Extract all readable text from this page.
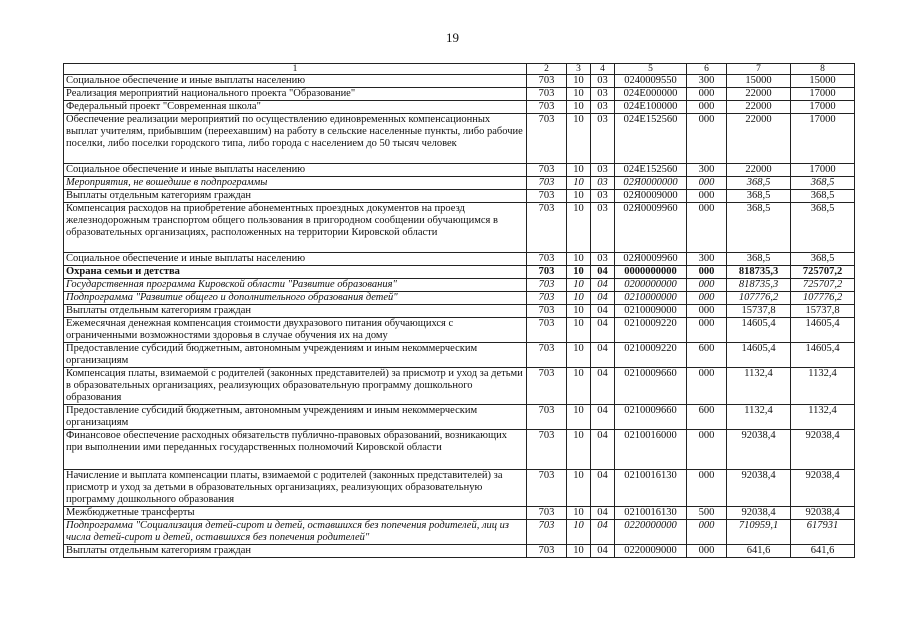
19
1	2	3	4	5	6	7	8
Социальное обеспечение и иные выплаты населению	703	10	03	0240009550	300	15000	15000
Реализация мероприятий национального проекта "Образование"	703	10	03	024E000000	000	22000	17000
Федеральный проект "Современная школа"	703	10	03	024E100000	000	22000	17000
Обеспечение реализации мероприятий по осуществлению единовременных компенсационных выплат учителям, прибывшим (переехавшим) на работу в сельские населенные пункты, либо рабочие поселки, либо поселки городского типа, либо города с населением до 50 тысяч человек	703	10	03	024E152560	000	22000	17000
Социальное обеспечение и иные выплаты населению	703	10	03	024E152560	300	22000	17000
Мероприятия, не вошедшие в подпрограммы	703	10	03	02Я0000000	000	368,5	368,5
Выплаты отдельным категориям граждан	703	10	03	02Я0009000	000	368,5	368,5
Компенсация расходов на приобретение абонементных проездных документов на проезд железнодорожным транспортом общего пользования в пригородном сообщении обучающимся в образовательных организациях, расположенных на территории Кировской области	703	10	03	02Я0009960	000	368,5	368,5
Социальное обеспечение и иные выплаты населению	703	10	03	02Я0009960	300	368,5	368,5
Охрана семьи и детства	703	10	04	0000000000	000	818735,3	725707,2
Государственная программа Кировской области "Развитие образования"	703	10	04	0200000000	000	818735,3	725707,2
Подпрограмма "Развитие общего и дополнительного образования детей"	703	10	04	0210000000	000	107776,2	107776,2
Выплаты отдельным категориям граждан	703	10	04	0210009000	000	15737,8	15737,8
Ежемесячная денежная компенсация стоимости двухразового питания обучающихся с ограниченными возможностями здоровья в случае обучения их на дому	703	10	04	0210009220	000	14605,4	14605,4
Предоставление субсидий бюджетным, автономным учреждениям и иным некоммерческим организациям	703	10	04	0210009220	600	14605,4	14605,4
Компенсация платы, взимаемой с родителей (законных представителей) за присмотр и уход за детьми в образовательных организациях, реализующих образовательную программу дошкольного образования	703	10	04	0210009660	000	1132,4	1132,4
Предоставление субсидий бюджетным, автономным учреждениям и иным некоммерческим организациям	703	10	04	0210009660	600	1132,4	1132,4
Финансовое обеспечение расходных обязательств публично-правовых образований, возникающих при выполнении ими переданных государственных полномочий Кировской области	703	10	04	0210016000	000	92038,4	92038,4
Начисление и выплата компенсации платы, взимаемой с родителей (законных представителей) за присмотр и уход за детьми в образовательных организациях, реализующих образовательную программу дошкольного образования	703	10	04	0210016130	000	92038,4	92038,4
Межбюджетные трансферты	703	10	04	0210016130	500	92038,4	92038,4
Подпрограмма "Социализация детей-сирот и детей, оставшихся без попечения родителей, лиц из числа детей-сирот и детей, оставшихся без попечения родителей"	703	10	04	0220000000	000	710959,1	617931
Выплаты отдельным категориям граждан	703	10	04	0220009000	000	641,6	641,6
